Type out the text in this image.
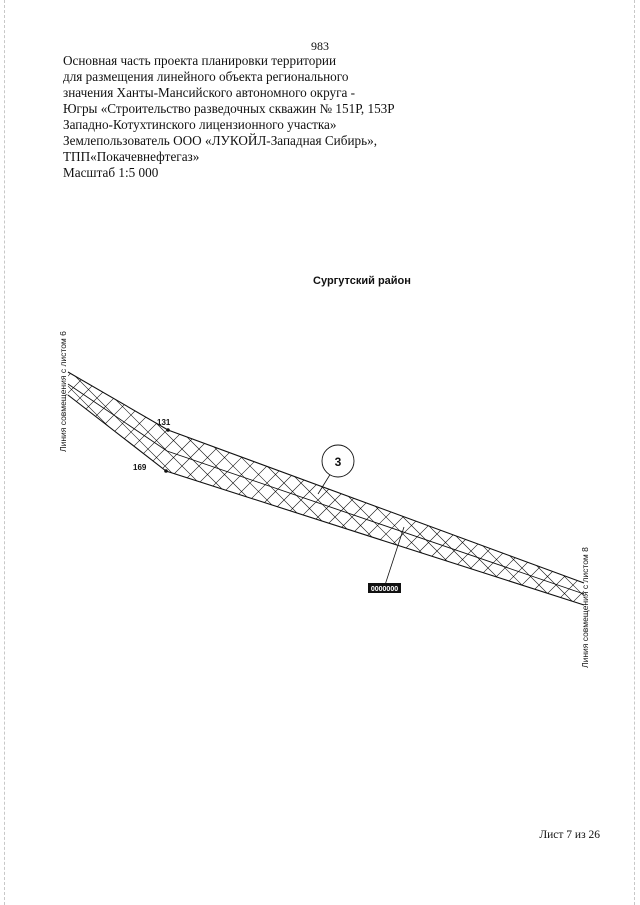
983
Основная часть проекта планировки территории
для размещения линейного объекта регионального
значения Ханты-Мансийского автономного округа -
Югры «Строительство разведочных скважин № 151Р, 153Р
Западно-Котухтинского лицензионного участка»
Землепользователь ООО «ЛУКОЙЛ-Западная Сибирь»,
ТПП«Покачевнефтегаз»
Масштаб 1:5 000
Сургутский район
Линия совмещения с листом 6
Линия совмещения с листом 8
131
169	3
0000000
Лист 7 из 26
